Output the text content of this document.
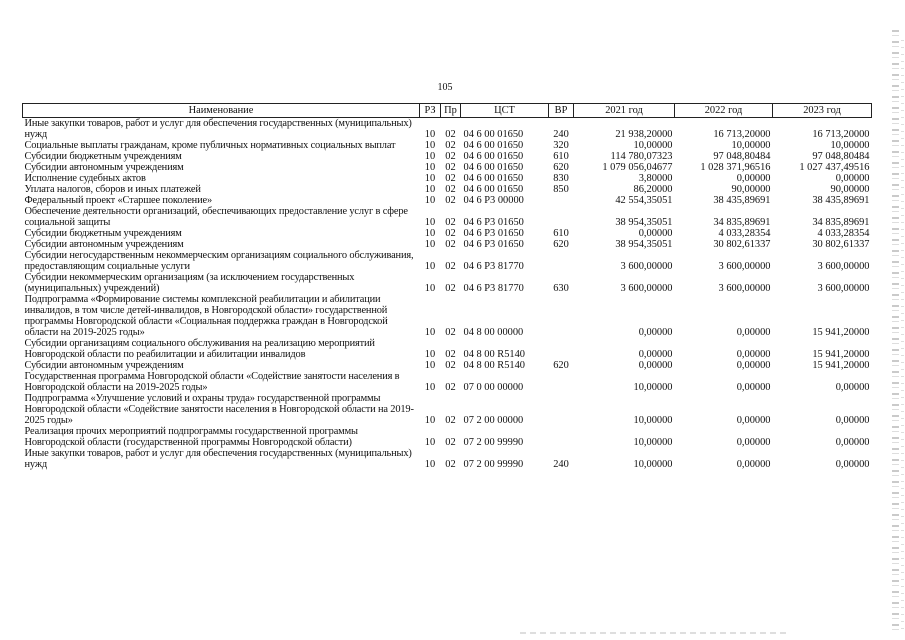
105
Наименование	РЗ	Пр	ЦСТ	ВР	2021 год	2022 год	2023 год
Иные закупки товаров, работ и услуг для обеспечения государственных (муниципальных) нужд	10	02	04 6 00 01650	240	21 938,20000	16 713,20000	16 713,20000
Социальные выплаты гражданам, кроме публичных нормативных социальных выплат	10	02	04 6 00 01650	320	10,00000	10,00000	10,00000
Субсидии бюджетным учреждениям	10	02	04 6 00 01650	610	114 780,07323	97 048,80484	97 048,80484
Субсидии автономным учреждениям	10	02	04 6 00 01650	620	1 079 056,04677	1 028 371,96516	1 027 437,49516
Исполнение судебных актов	10	02	04 6 00 01650	830	3,80000	0,00000	0,00000
Уплата налогов, сборов и иных платежей	10	02	04 6 00 01650	850	86,20000	90,00000	90,00000
Федеральный проект «Старшее поколение»	10	02	04 6 P3 00000		42 554,35051	38 435,89691	38 435,89691
Обеспечение деятельности организаций, обеспечивающих предоставление услуг в сфере социальной защиты	10	02	04 6 P3 01650		38 954,35051	34 835,89691	34 835,89691
Субсидии бюджетным учреждениям	10	02	04 6 P3 01650	610	0,00000	4 033,28354	4 033,28354
Субсидии автономным учреждениям	10	02	04 6 P3 01650	620	38 954,35051	30 802,61337	30 802,61337
Субсидии негосударственным некоммерческим организациям социального обслуживания, предоставляющим социальные услуги	10	02	04 6 P3 81770		3 600,00000	3 600,00000	3 600,00000
Субсидии некоммерческим организациям (за исключением государственных (муниципальных) учреждений)	10	02	04 6 P3 81770	630	3 600,00000	3 600,00000	3 600,00000
Подпрограмма «Формирование системы комплексной реабилитации и абилитации инвалидов, в том числе детей-инвалидов, в Новгородской области» государственной программы Новгородской области «Социальная поддержка граждан в Новгородской области на 2019-2025 годы»	10	02	04 8 00 00000		0,00000	0,00000	15 941,20000
Субсидии организациям социального обслуживания на реализацию мероприятий Новгородской области по реабилитации и абилитации инвалидов	10	02	04 8 00 R5140		0,00000	0,00000	15 941,20000
Субсидии автономным учреждениям	10	02	04 8 00 R5140	620	0,00000	0,00000	15 941,20000
Государственная программа Новгородской области «Содействие занятости населения в Новгородской области на 2019-2025 годы»	10	02	07 0 00 00000		10,00000	0,00000	0,00000
Подпрограмма «Улучшение условий и охраны труда» государственной программы Новгородской области «Содействие занятости населения в Новгородской области на 2019-2025 годы»	10	02	07 2 00 00000		10,00000	0,00000	0,00000
Реализация прочих мероприятий подпрограммы государственной программы Новгородской области (государственной программы Новгородской области)	10	02	07 2 00 99990		10,00000	0,00000	0,00000
Иные закупки товаров, работ и услуг для обеспечения государственных (муниципальных) нужд	10	02	07 2 00 99990	240	10,00000	0,00000	0,00000
